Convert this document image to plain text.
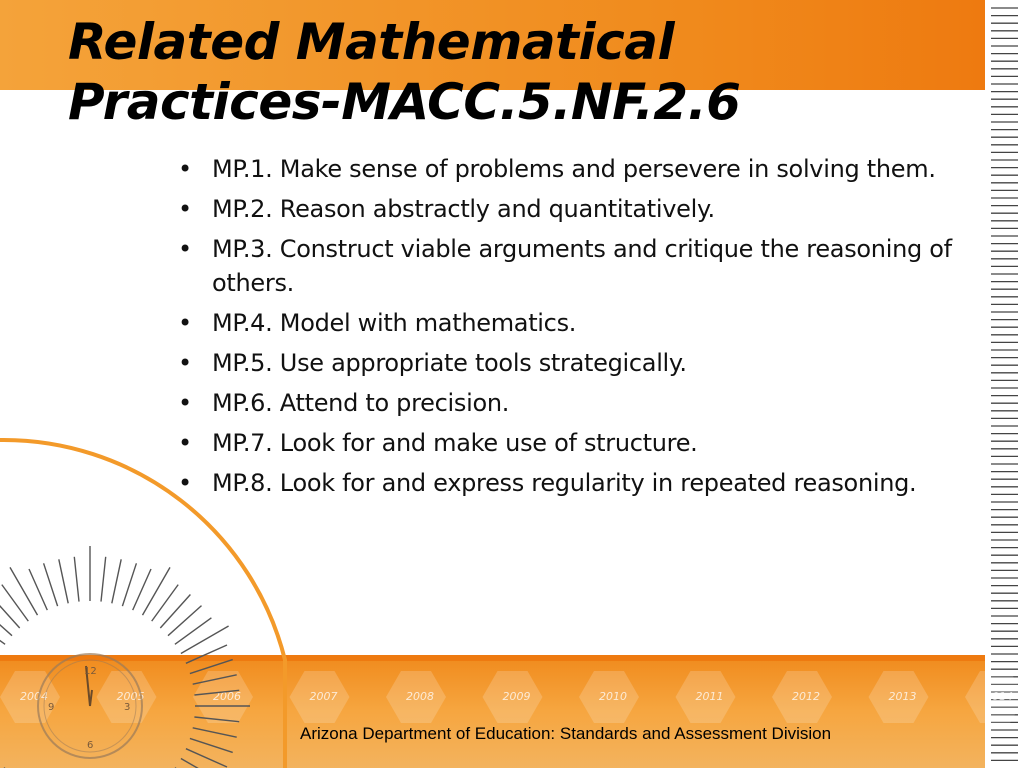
2004	2005	2006	2007	2008	2009	2010	2011	2012	2013	2014
12
3
6
9
Related Mathematical
Practices-MACC.5.NF.2.6
• MP.1. Make sense of problems and persevere in solving them.
• MP.2. Reason abstractly and quantitatively.
• MP.3. Construct viable arguments and critique the reasoning of others.
• MP.4. Model with mathematics.
• MP.5. Use appropriate tools strategically.
• MP.6. Attend to precision.
• MP.7. Look for and make use of structure.
• MP.8. Look for and express regularity in repeated reasoning.
Arizona Department of Education: Standards and Assessment Division
